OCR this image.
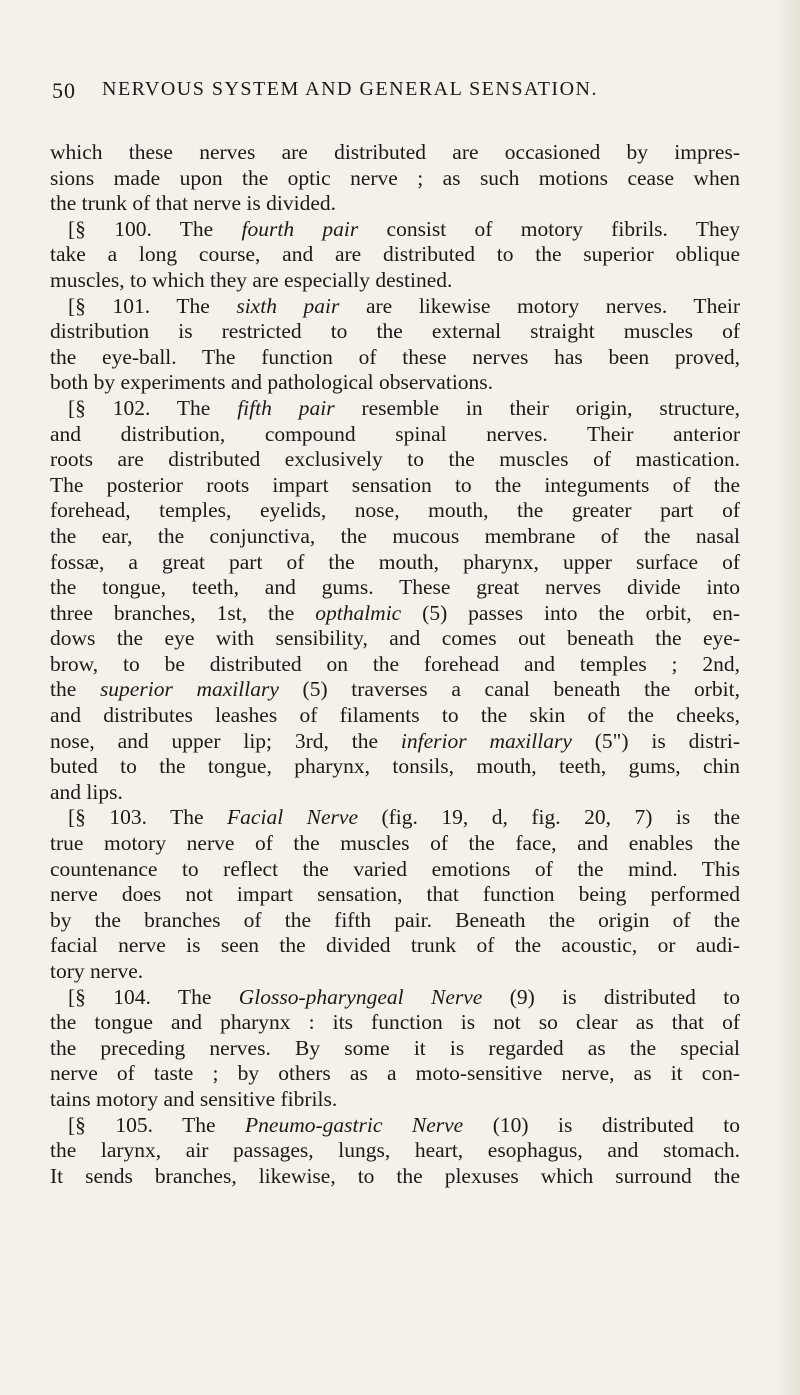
50 NERVOUS SYSTEM AND GENERAL SENSATION.
which these nerves are distributed are occasioned by impres-
sions made upon the optic nerve ; as such motions cease when
the trunk of that nerve is divided.
[§ 100. The fourth pair consist of motory fibrils. They
take a long course, and are distributed to the superior oblique
muscles, to which they are especially destined.
[§ 101. The sixth pair are likewise motory nerves. Their
distribution is restricted to the external straight muscles of
the eye-ball. The function of these nerves has been proved,
both by experiments and pathological observations.
[§ 102. The fifth pair resemble in their origin, structure,
and distribution, compound spinal nerves. Their anterior
roots are distributed exclusively to the muscles of mastication.
The posterior roots impart sensation to the integuments of the
forehead, temples, eyelids, nose, mouth, the greater part of
the ear, the conjunctiva, the mucous membrane of the nasal
fossæ, a great part of the mouth, pharynx, upper surface of
the tongue, teeth, and gums. These great nerves divide into
three branches, 1st, the opthalmic (5) passes into the orbit, en-
dows the eye with sensibility, and comes out beneath the eye-
brow, to be distributed on the forehead and temples ; 2nd,
the superior maxillary (5) traverses a canal beneath the orbit,
and distributes leashes of filaments to the skin of the cheeks,
nose, and upper lip; 3rd, the inferior maxillary (5") is distri-
buted to the tongue, pharynx, tonsils, mouth, teeth, gums, chin
and lips.
[§ 103. The Facial Nerve (fig. 19, d, fig. 20, 7) is the
true motory nerve of the muscles of the face, and enables the
countenance to reflect the varied emotions of the mind. This
nerve does not impart sensation, that function being performed
by the branches of the fifth pair. Beneath the origin of the
facial nerve is seen the divided trunk of the acoustic, or audi-
tory nerve.
[§ 104. The Glosso-pharyngeal Nerve (9) is distributed to
the tongue and pharynx : its function is not so clear as that of
the preceding nerves. By some it is regarded as the special
nerve of taste ; by others as a moto-sensitive nerve, as it con-
tains motory and sensitive fibrils.
[§ 105. The Pneumo-gastric Nerve (10) is distributed to
the larynx, air passages, lungs, heart, esophagus, and stomach.
It sends branches, likewise, to the plexuses which surround the
